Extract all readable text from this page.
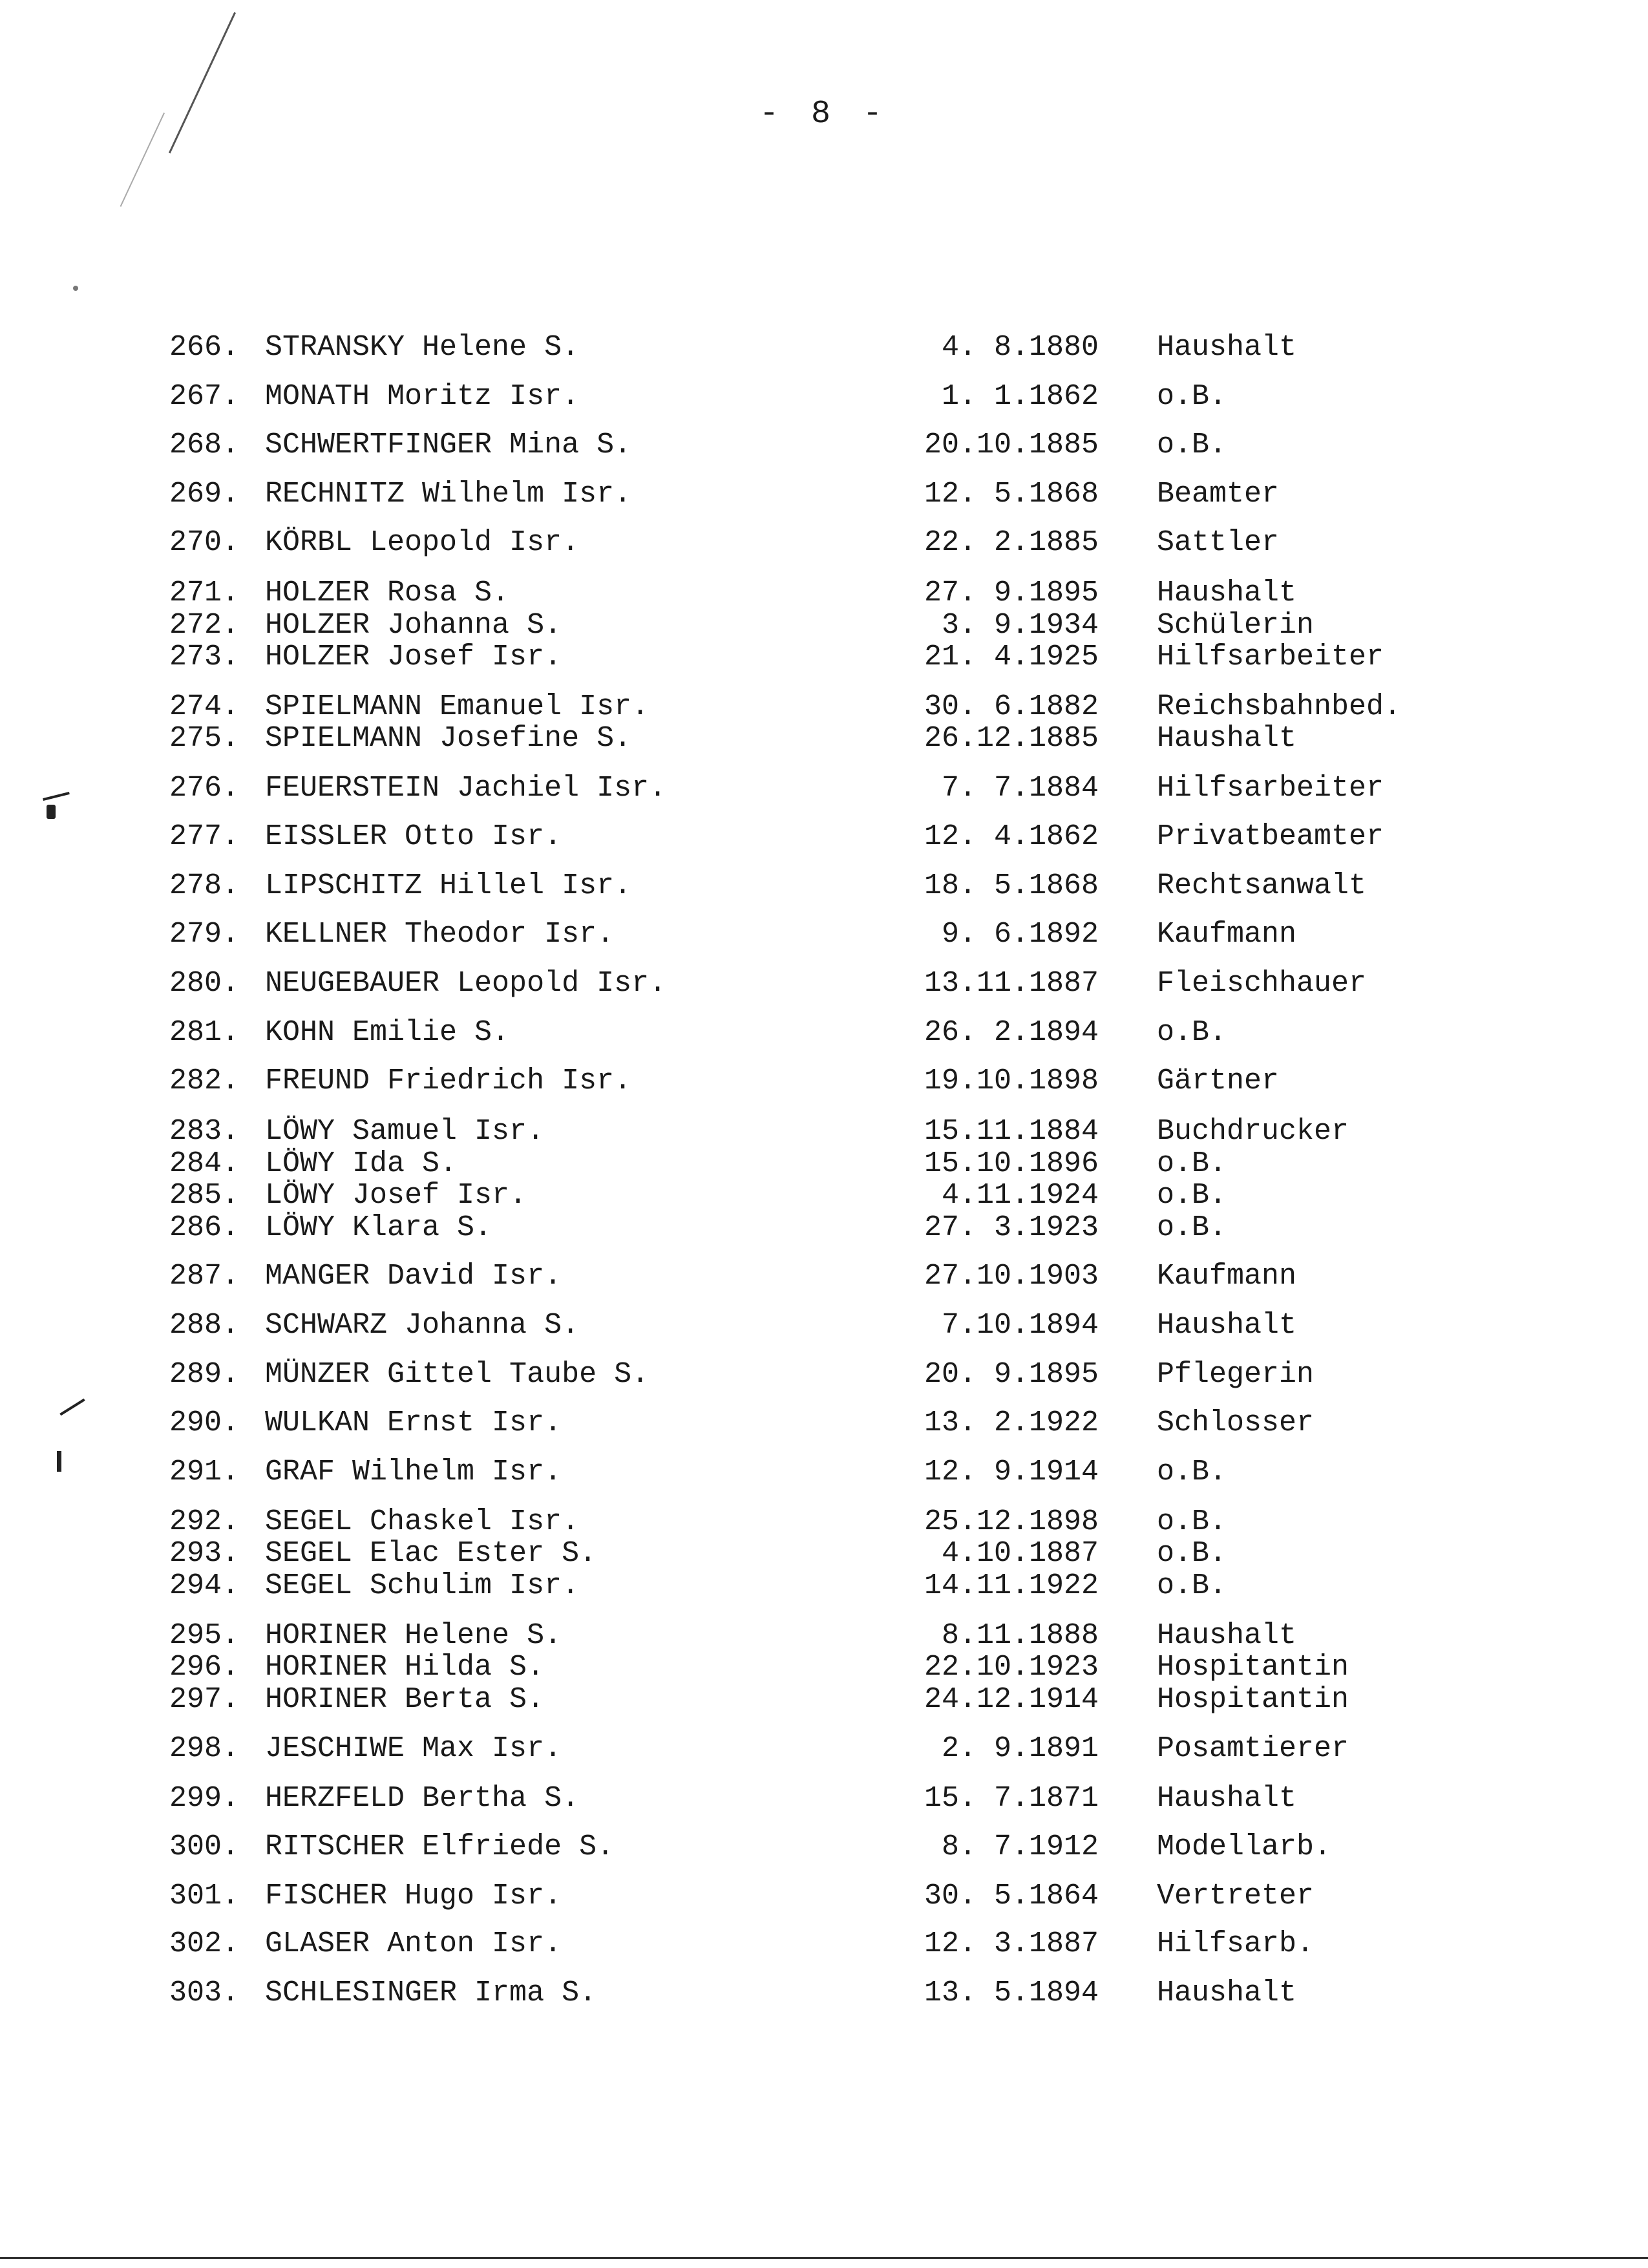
- 8 -
266. STRANSKY Helene S.	4. 8.1880 Haushalt
267. MONATH Moritz Isr.	1. 1.1862 o.B.
268. SCHWERTFINGER Mina S.	20.10.1885 o.B.
269. RECHNITZ Wilhelm Isr.	12. 5.1868 Beamter
270. KÖRBL Leopold Isr.	22. 2.1885 Sattler
271. HOLZER Rosa S.	27. 9.1895 Haushalt
272. HOLZER Johanna S.	3. 9.1934 Schülerin
273. HOLZER Josef Isr.	21. 4.1925 Hilfsarbeiter
274. SPIELMANN Emanuel Isr.	30. 6.1882 Reichsbahnbed.
275. SPIELMANN Josefine S.	26.12.1885 Haushalt
276. FEUERSTEIN Jachiel Isr.	7. 7.1884 Hilfsarbeiter
277. EISSLER Otto Isr.	12. 4.1862 Privatbeamter
278. LIPSCHITZ Hillel Isr.	18. 5.1868 Rechtsanwalt
279. KELLNER Theodor Isr.	9. 6.1892 Kaufmann
280. NEUGEBAUER Leopold Isr.	13.11.1887 Fleischhauer
281. KOHN Emilie S.	26. 2.1894 o.B.
282. FREUND Friedrich Isr.	19.10.1898 Gärtner
283. LÖWY Samuel Isr.	15.11.1884 Buchdrucker
284. LÖWY Ida S.	15.10.1896 o.B.
285. LÖWY Josef Isr.	4.11.1924 o.B.
286. LÖWY Klara S.	27. 3.1923 o.B.
287. MANGER David Isr.	27.10.1903 Kaufmann
288. SCHWARZ Johanna S.	7.10.1894 Haushalt
289. MÜNZER Gittel Taube S.	20. 9.1895 Pflegerin
290. WULKAN Ernst Isr.	13. 2.1922 Schlosser
291. GRAF Wilhelm Isr.	12. 9.1914 o.B.
292. SEGEL Chaskel Isr.	25.12.1898 o.B.
293. SEGEL Elac Ester S.	4.10.1887 o.B.
294. SEGEL Schulim Isr.	14.11.1922 o.B.
295. HORINER Helene S.	8.11.1888 Haushalt
296. HORINER Hilda S.	22.10.1923 Hospitantin
297. HORINER Berta S.	24.12.1914 Hospitantin
298. JESCHIWE Max Isr.	2. 9.1891 Posamtierer
299. HERZFELD Bertha S.	15. 7.1871 Haushalt
300. RITSCHER Elfriede S.	8. 7.1912 Modellarb.
301. FISCHER Hugo Isr.	30. 5.1864 Vertreter
302. GLASER Anton Isr.	12. 3.1887 Hilfsarb.
303. SCHLESINGER Irma S.	13. 5.1894 Haushalt
